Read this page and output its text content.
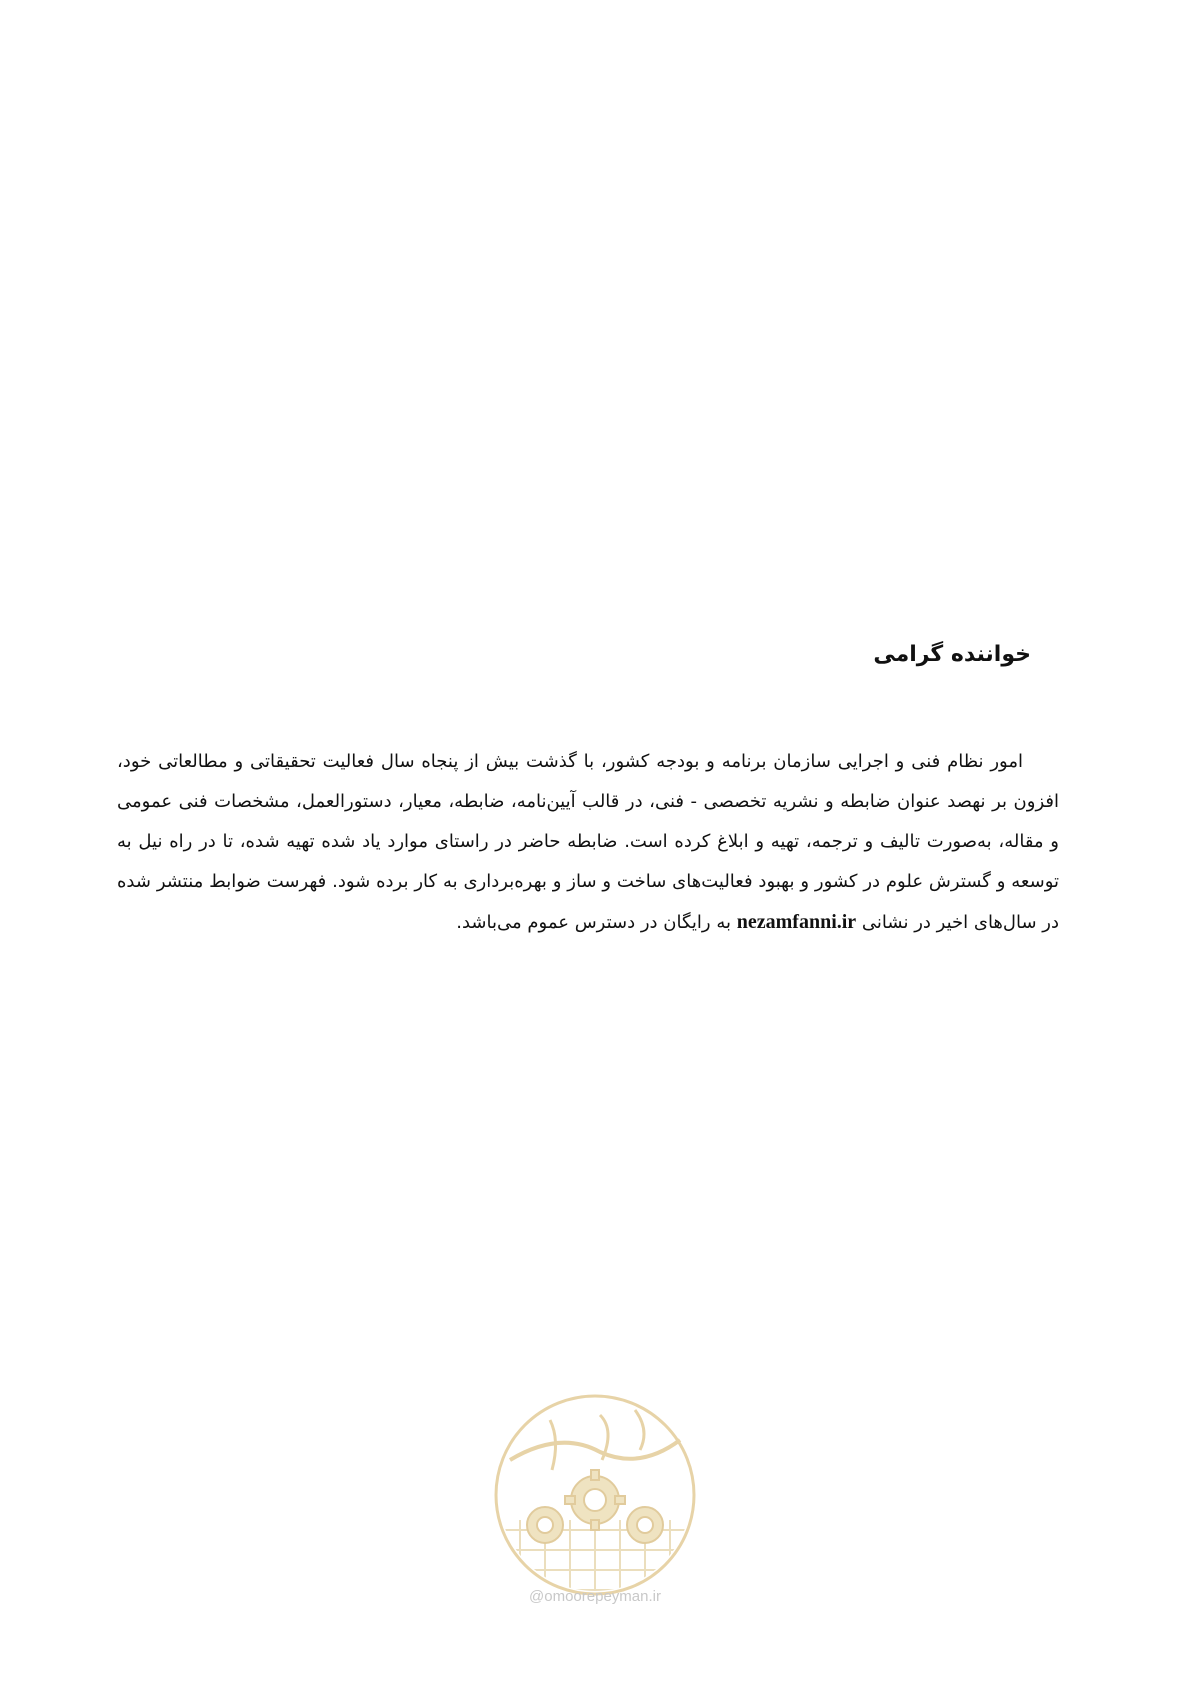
خواننده گرامی

امور نظام فنی و اجرایی سازمان برنامه و بودجه کشور، با گذشت بیش از پنجاه سال فعالیت تحقیقاتی و مطالعاتی خود، افزون بر نهصد عنوان ضابطه و نشریه تخصصی - فنی، در قالب آیین‌نامه، ضابطه، معیار، دستورالعمل، مشخصات فنی عمومی و مقاله، به‌صورت تالیف و ترجمه، تهیه و ابلاغ کرده است. ضابطه حاضر در راستای موارد یاد شده تهیه شده، تا در راه نیل به توسعه و گسترش علوم در کشور و بهبود فعالیت‌های ساخت و ساز و بهره‌برداری به کار برده شود. فهرست ضوابط منتشر شده در سال‌های اخیر در نشانی nezamfanni.ir به رایگان در دسترس عموم می‌باشد.

@omoorepeyman.ir
